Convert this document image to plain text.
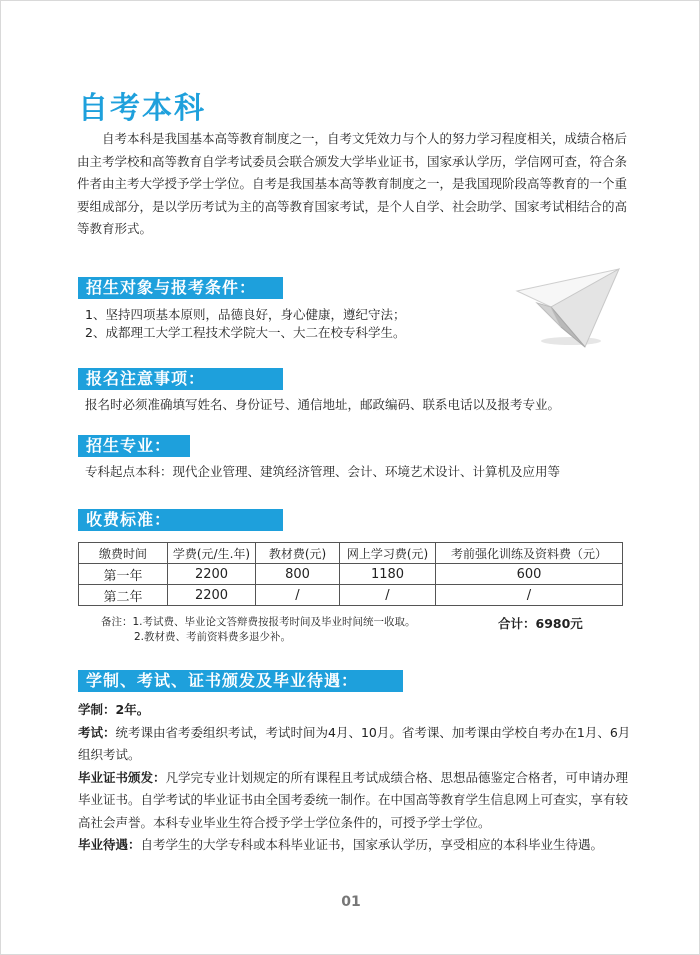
自考本科
自考本科是我国基本高等教育制度之一，自考文凭效力与个人的努力学习程度相关，成绩合格后由主考学校和高等教育自学考试委员会联合颁发大学毕业证书，国家承认学历，学信网可查，符合条件者由主考大学授予学士学位。自考是我国基本高等教育制度之一，是我国现阶段高等教育的一个重要组成部分，是以学历考试为主的高等教育国家考试，是个人自学、社会助学、国家考试相结合的高等教育形式。
招生对象与报考条件：
1、坚持四项基本原则，品德良好，身心健康，遵纪守法；
2、成都理工大学工程技术学院大一、大二在校专科学生。
报名注意事项：
报名时必须准确填写姓名、身份证号、通信地址，邮政编码、联系电话以及报考专业。
招生专业：
专科起点本科：现代企业管理、建筑经济管理、会计、环境艺术设计、计算机及应用等
收费标准：
缴费时间	学费(元/生.年)	教材费(元)	网上学习费(元)	考前强化训练及资料费（元）
第一年	2200	800	1180	600
第二年	2200	/	/	/
备注：1.考试费、毕业论文答辩费按报考时间及毕业时间统一收取。
2.教材费、考前资料费多退少补。
合计：6980元
学制、考试、证书颁发及毕业待遇：

学制：2年。

考试：统考课由省考委组织考试，考试时间为4月、10月。省考课、加考课由学校自考办在1月、6月组织考试。

毕业证书颁发：凡学完专业计划规定的所有课程且考试成绩合格、思想品德鉴定合格者，可申请办理毕业证书。自学考试的毕业证书由全国考委统一制作。在中国高等教育学生信息网上可查实，享有较高社会声誉。本科专业毕业生符合授予学士学位条件的，可授予学士学位。

毕业待遇：自考学生的大学专科或本科毕业证书，国家承认学历，享受相应的本科毕业生待遇。

01
